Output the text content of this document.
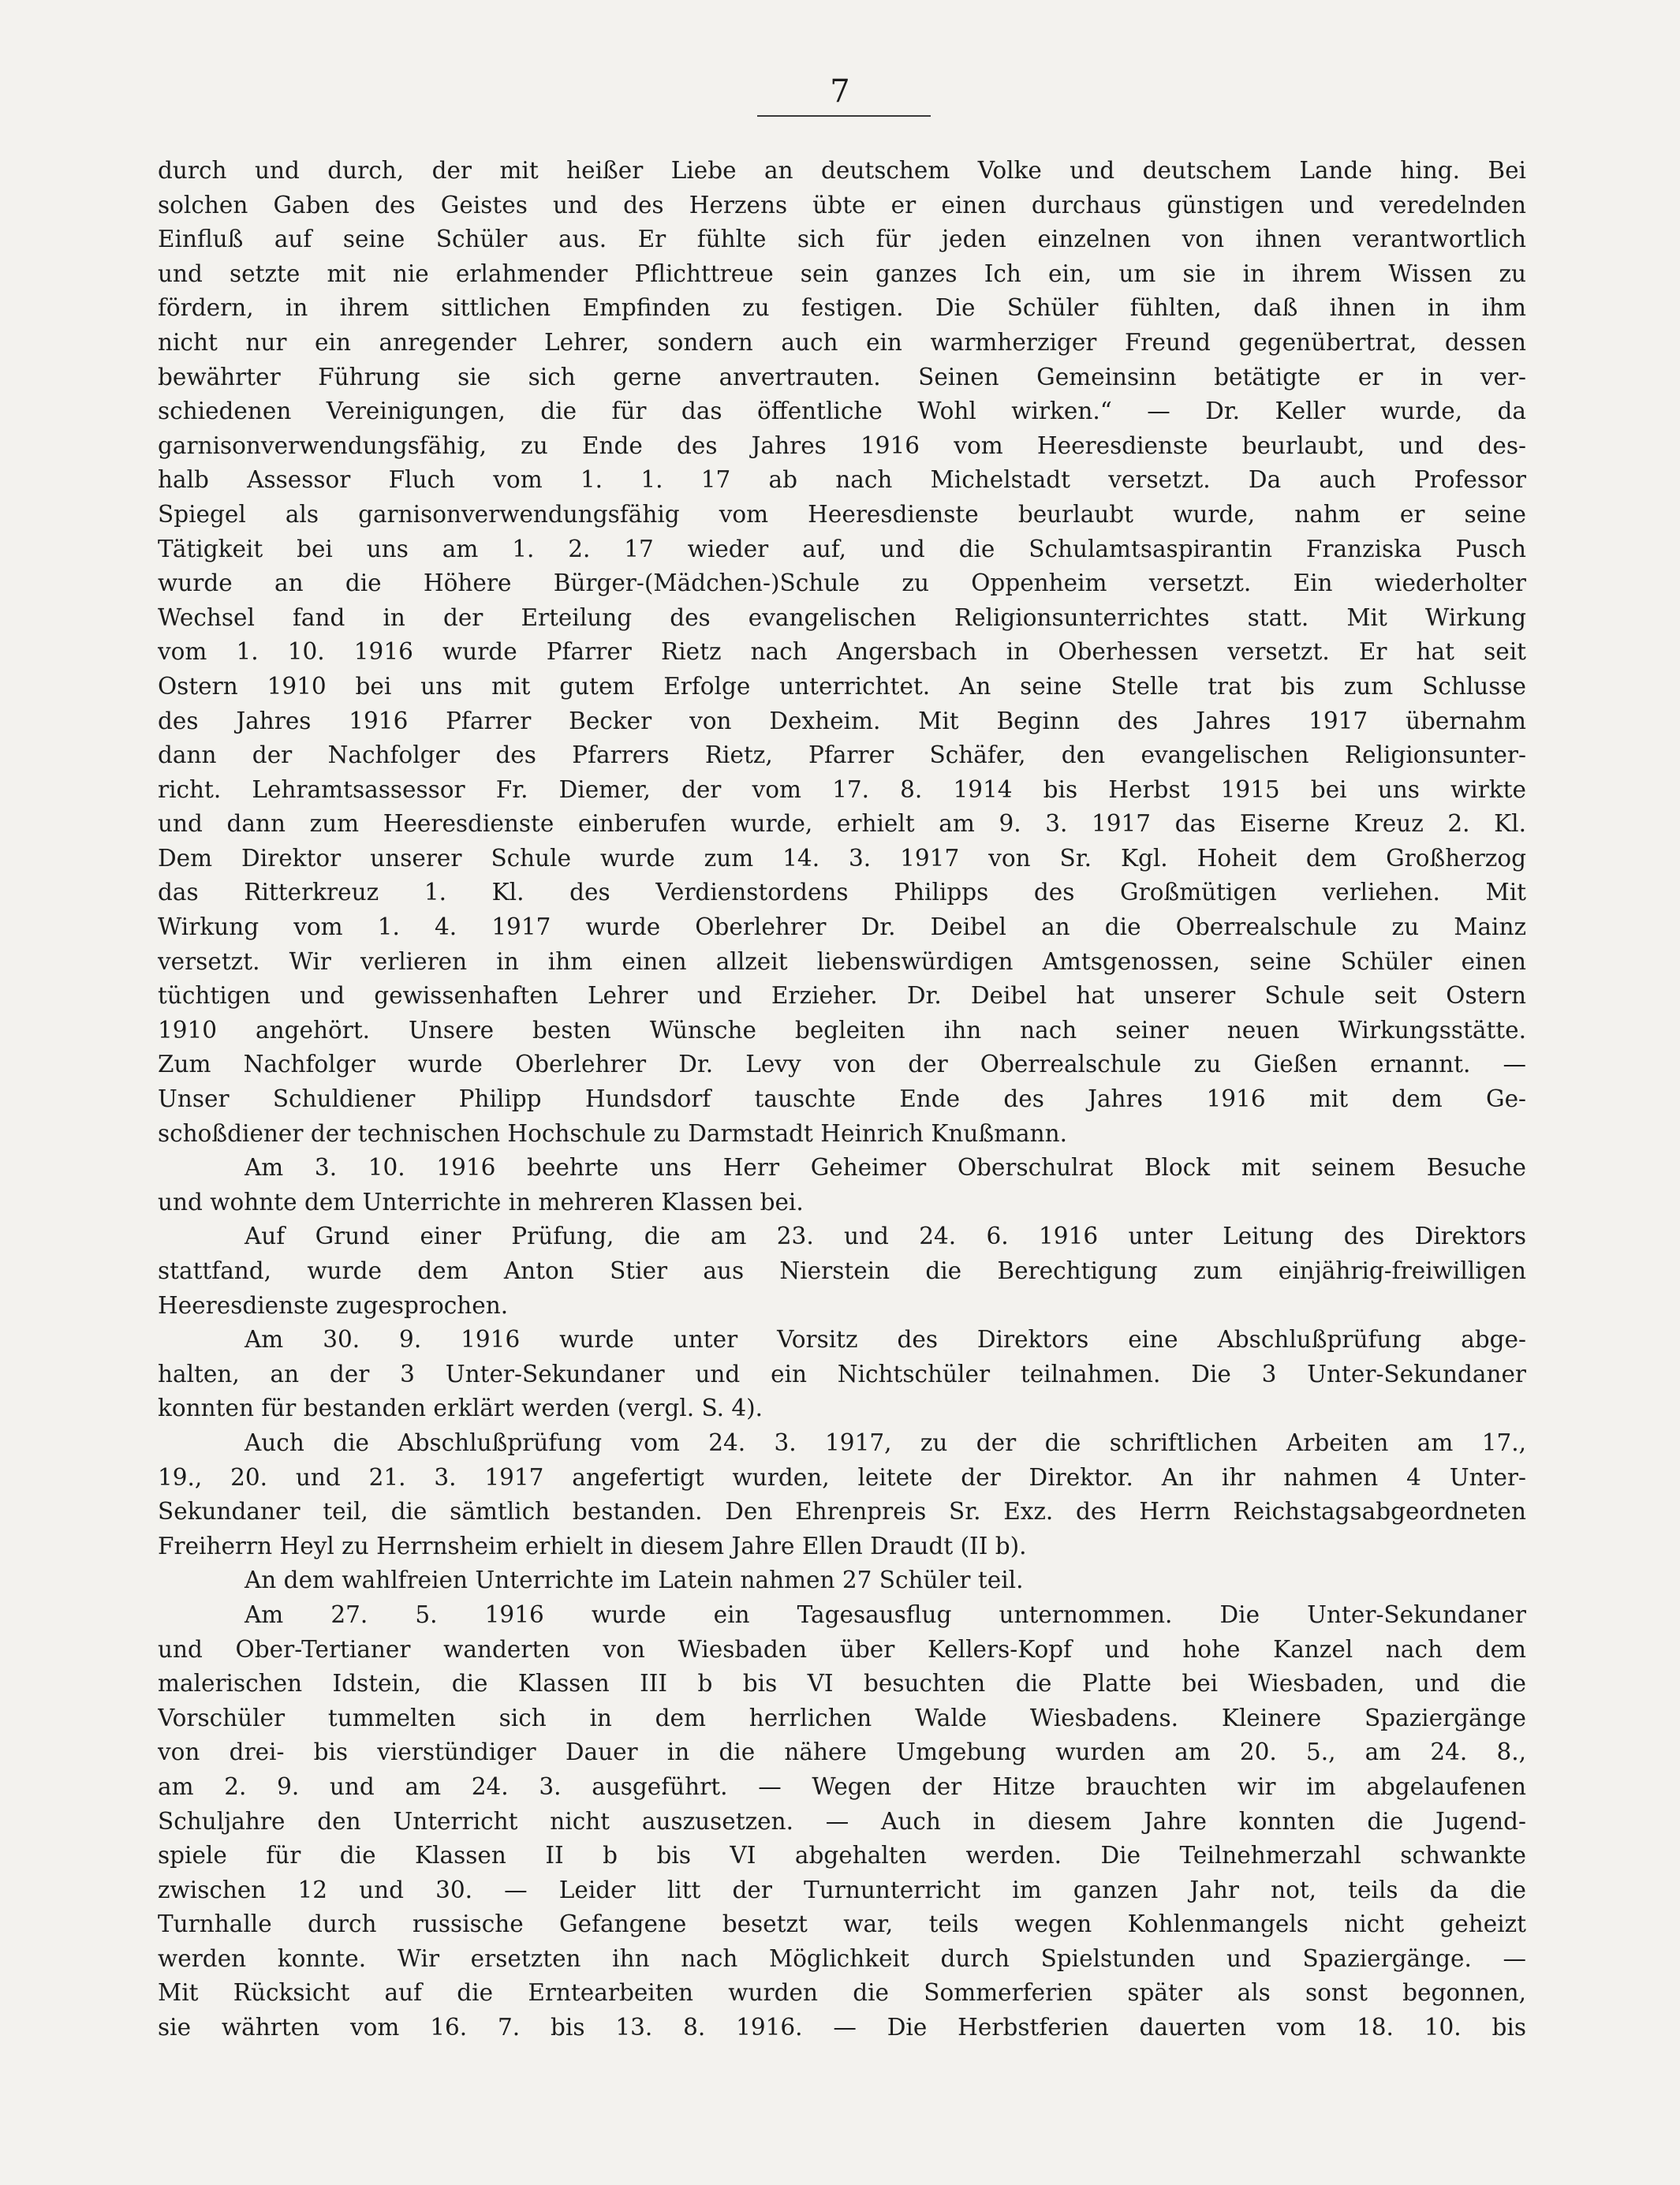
7
durch und durch, der mit heißer Liebe an deutschem Volke und deutschem Lande hing. Bei
solchen Gaben des Geistes und des Herzens übte er einen durchaus günstigen und veredelnden
Einfluß auf seine Schüler aus. Er fühlte sich für jeden einzelnen von ihnen verantwortlich
und setzte mit nie erlahmender Pflichttreue sein ganzes Ich ein, um sie in ihrem Wissen zu
fördern, in ihrem sittlichen Empfinden zu festigen. Die Schüler fühlten, daß ihnen in ihm
nicht nur ein anregender Lehrer, sondern auch ein warmherziger Freund gegenübertrat, dessen
bewährter Führung sie sich gerne anvertrauten. Seinen Gemeinsinn betätigte er in ver-
schiedenen Vereinigungen, die für das öffentliche Wohl wirken.“ — Dr. Keller wurde, da
garnisonverwendungsfähig, zu Ende des Jahres 1916 vom Heeresdienste beurlaubt, und des-
halb Assessor Fluch vom 1. 1. 17 ab nach Michelstadt versetzt. Da auch Professor
Spiegel als garnisonverwendungsfähig vom Heeresdienste beurlaubt wurde, nahm er seine
Tätigkeit bei uns am 1. 2. 17 wieder auf, und die Schulamtsaspirantin Franziska Pusch
wurde an die Höhere Bürger-(Mädchen-)Schule zu Oppenheim versetzt. Ein wiederholter
Wechsel fand in der Erteilung des evangelischen Religionsunterrichtes statt. Mit Wirkung
vom 1. 10. 1916 wurde Pfarrer Rietz nach Angersbach in Oberhessen versetzt. Er hat seit
Ostern 1910 bei uns mit gutem Erfolge unterrichtet. An seine Stelle trat bis zum Schlusse
des Jahres 1916 Pfarrer Becker von Dexheim. Mit Beginn des Jahres 1917 übernahm
dann der Nachfolger des Pfarrers Rietz, Pfarrer Schäfer, den evangelischen Religionsunter-
richt. Lehramtsassessor Fr. Diemer, der vom 17. 8. 1914 bis Herbst 1915 bei uns wirkte
und dann zum Heeresdienste einberufen wurde, erhielt am 9. 3. 1917 das Eiserne Kreuz 2. Kl.
Dem Direktor unserer Schule wurde zum 14. 3. 1917 von Sr. Kgl. Hoheit dem Großherzog
das Ritterkreuz 1. Kl. des Verdienstordens Philipps des Großmütigen verliehen. Mit
Wirkung vom 1. 4. 1917 wurde Oberlehrer Dr. Deibel an die Oberrealschule zu Mainz
versetzt. Wir verlieren in ihm einen allzeit liebenswürdigen Amtsgenossen, seine Schüler einen
tüchtigen und gewissenhaften Lehrer und Erzieher. Dr. Deibel hat unserer Schule seit Ostern
1910 angehört. Unsere besten Wünsche begleiten ihn nach seiner neuen Wirkungsstätte.
Zum Nachfolger wurde Oberlehrer Dr. Levy von der Oberrealschule zu Gießen ernannt. —
Unser Schuldiener Philipp Hundsdorf tauschte Ende des Jahres 1916 mit dem Ge-
schoßdiener der technischen Hochschule zu Darmstadt Heinrich Knußmann.
Am 3. 10. 1916 beehrte uns Herr Geheimer Oberschulrat Block mit seinem Besuche
und wohnte dem Unterrichte in mehreren Klassen bei.
Auf Grund einer Prüfung, die am 23. und 24. 6. 1916 unter Leitung des Direktors
stattfand, wurde dem Anton Stier aus Nierstein die Berechtigung zum einjährig-freiwilligen
Heeresdienste zugesprochen.
Am 30. 9. 1916 wurde unter Vorsitz des Direktors eine Abschlußprüfung abge-
halten, an der 3 Unter-Sekundaner und ein Nichtschüler teilnahmen. Die 3 Unter-Sekundaner
konnten für bestanden erklärt werden (vergl. S. 4).
Auch die Abschlußprüfung vom 24. 3. 1917, zu der die schriftlichen Arbeiten am 17.,
19., 20. und 21. 3. 1917 angefertigt wurden, leitete der Direktor. An ihr nahmen 4 Unter-
Sekundaner teil, die sämtlich bestanden. Den Ehrenpreis Sr. Exz. des Herrn Reichstagsabgeordneten
Freiherrn Heyl zu Herrnsheim erhielt in diesem Jahre Ellen Draudt (II b).
An dem wahlfreien Unterrichte im Latein nahmen 27 Schüler teil.
Am 27. 5. 1916 wurde ein Tagesausflug unternommen. Die Unter-Sekundaner
und Ober-Tertianer wanderten von Wiesbaden über Kellers-Kopf und hohe Kanzel nach dem
malerischen Idstein, die Klassen III b bis VI besuchten die Platte bei Wiesbaden, und die
Vorschüler tummelten sich in dem herrlichen Walde Wiesbadens. Kleinere Spaziergänge
von drei- bis vierstündiger Dauer in die nähere Umgebung wurden am 20. 5., am 24. 8.,
am 2. 9. und am 24. 3. ausgeführt. — Wegen der Hitze brauchten wir im abgelaufenen
Schuljahre den Unterricht nicht auszusetzen. — Auch in diesem Jahre konnten die Jugend-
spiele für die Klassen II b bis VI abgehalten werden. Die Teilnehmerzahl schwankte
zwischen 12 und 30. — Leider litt der Turnunterricht im ganzen Jahr not, teils da die
Turnhalle durch russische Gefangene besetzt war, teils wegen Kohlenmangels nicht geheizt
werden konnte. Wir ersetzten ihn nach Möglichkeit durch Spielstunden und Spaziergänge. —
Mit Rücksicht auf die Erntearbeiten wurden die Sommerferien später als sonst begonnen,
sie währten vom 16. 7. bis 13. 8. 1916. — Die Herbstferien dauerten vom 18. 10. bis
